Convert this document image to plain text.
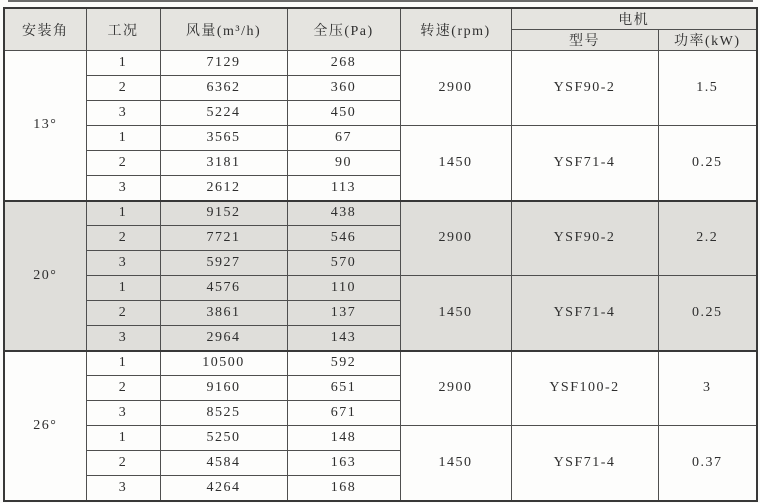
安装角	工况	风量(m³/h)	全压(Pa)	转速(rpm)	电机	
					型号	功率(kW)
13°	1	7129	268	2900	YSF90-2	1.5
	2	6362	360			
	3	5224	450			
	1	3565	67	1450	YSF71-4	0.25
	2	3181	90			
	3	2612	113			
20°	1	9152	438	2900	YSF90-2	2.2
	2	7721	546			
	3	5927	570			
	1	4576	110	1450	YSF71-4	0.25
	2	3861	137			
	3	2964	143			
26°	1	10500	592	2900	YSF100-2	3
	2	9160	651			
	3	8525	671			
	1	5250	148	1450	YSF71-4	0.37
	2	4584	163			
	3	4264	168			
